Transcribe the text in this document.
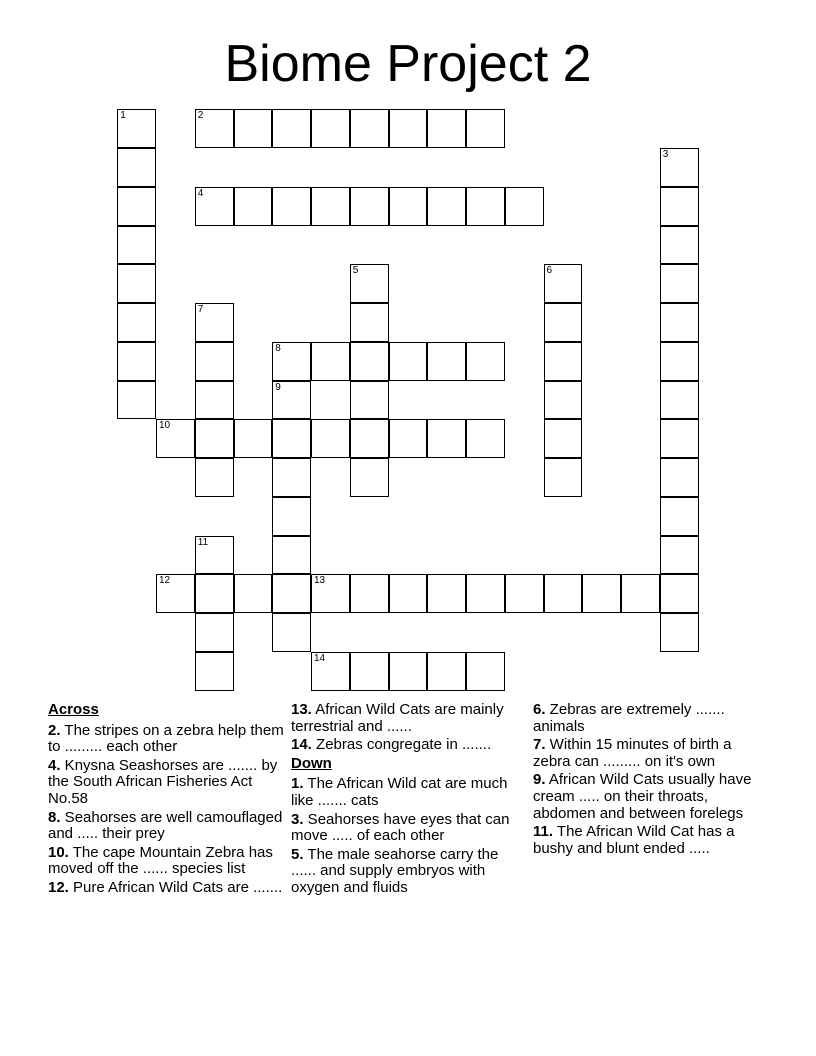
Biome Project 2
1	2
3
4
5	6
7
8
9
10
11
12	13
14
Across
2. The stripes on a zebra help them to ......... each other
4. Knysna Seashorses are ....... by the South African Fisheries Act No.58
8. Seahorses are well camouflaged and ..... their prey
10. The cape Mountain Zebra has moved off the ...... species list
12. Pure African Wild Cats are .......
13. African Wild Cats are mainly terrestrial and ......
14. Zebras congregate in .......
Down
1. The African Wild cat are much like ....... cats
3. Seahorses have eyes that can move ..... of each other
5. The male seahorse carry the ...... and supply embryos with oxygen and fluids
6. Zebras are extremely ....... animals
7. Within 15 minutes of birth a zebra can ......... on it's own
9. African Wild Cats usually have cream ..... on their throats, abdomen and between forelegs
11. The African Wild Cat has a bushy and blunt ended .....
